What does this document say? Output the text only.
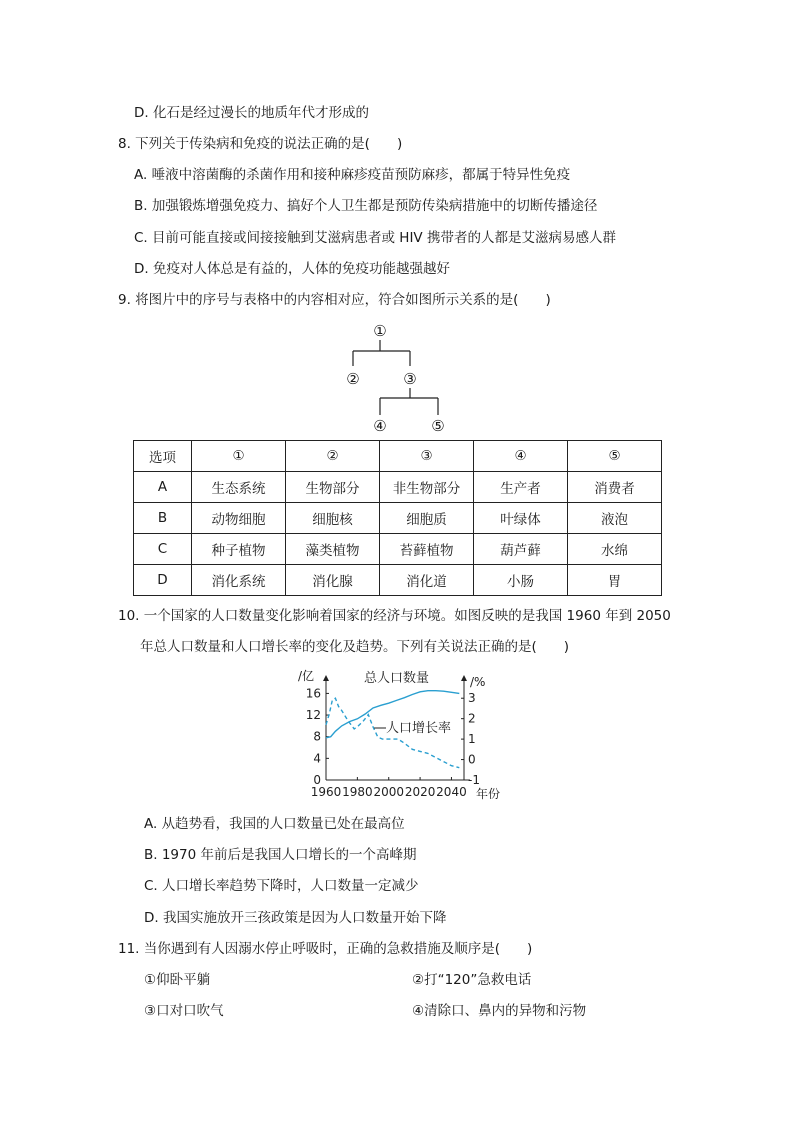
D. 化石是经过漫长的地质年代才形成的
8. 下列关于传染病和免疫的说法正确的是(　　)
A. 唾液中溶菌酶的杀菌作用和接种麻疹疫苗预防麻疹，都属于特异性免疫
B. 加强锻炼增强免疫力、搞好个人卫生都是预防传染病措施中的切断传播途径
C. 目前可能直接或间接接触到艾滋病患者或 HIV 携带者的人都是艾滋病易感人群
D. 免疫对人体总是有益的，人体的免疫功能越强越好
9. 将图片中的序号与表格中的内容相对应，符合如图所示关系的是(　　)
①
②	③
④	⑤
选项	①	②	③	④	⑤
A	生态系统	生物部分	非生物部分	生产者	消费者
B	动物细胞	细胞核	细胞质	叶绿体	液泡
C	种子植物	藻类植物	苔藓植物	葫芦藓	水绵
D	消化系统	消化腺	消化道	小肠	胃
10. 一个国家的人口数量变化影响着国家的经济与环境。如图反映的是我国 1960 年到 2050
年总人口数量和人口增长率的变化及趋势。下列有关说法正确的是(　　)
0
4
8
12
16
-1
0
1
2
3
1960 1980 2000 2020 2040
/亿	/%
年份
总人口数量
人口增长率
A. 从趋势看，我国的人口数量已处在最高位
B. 1970 年前后是我国人口增长的一个高峰期
C. 人口增长率趋势下降时，人口数量一定减少
D. 我国实施放开三孩政策是因为人口数量开始下降
11. 当你遇到有人因溺水停止呼吸时，正确的急救措施及顺序是(　　)
①仰卧平躺	②打“120”急救电话
③口对口吹气	④清除口、鼻内的异物和污物
